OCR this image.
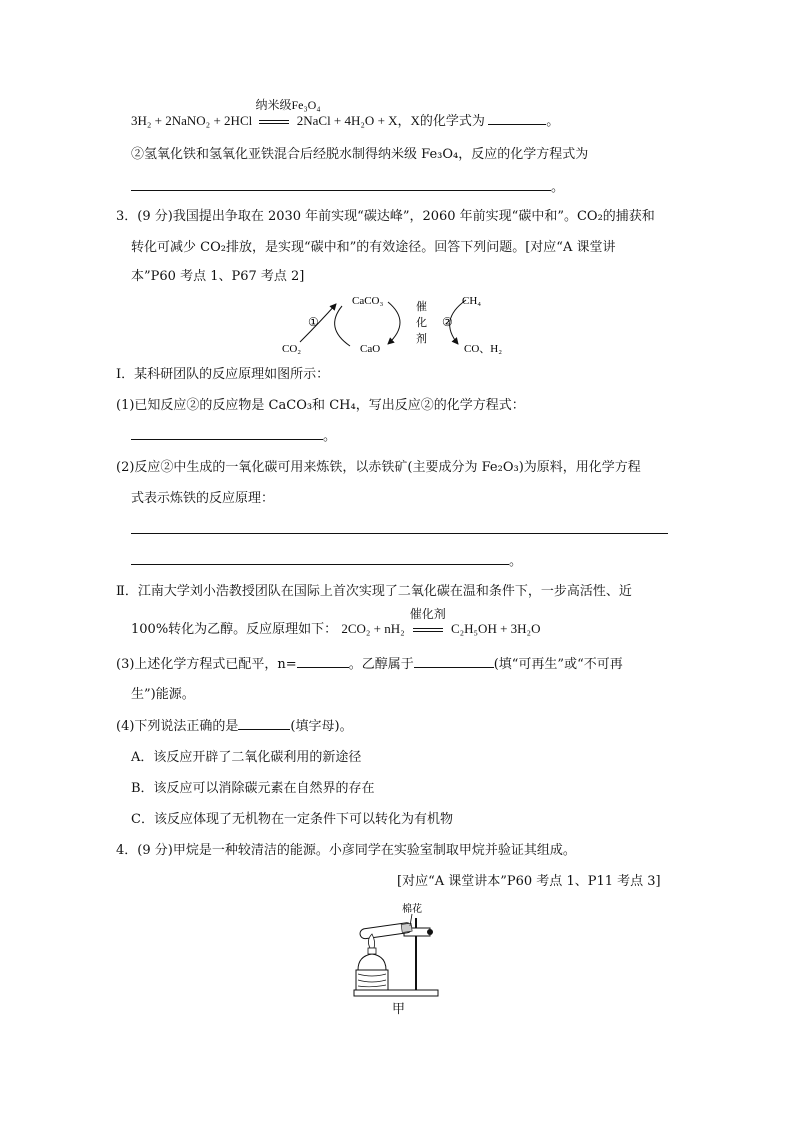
3H₂ + 2NaNO₂ + 2HCl
纳米级Fe₃O₄
2NaCl + 4H₂O + X，X的化学式为	。
②氢氧化铁和氢氧化亚铁混合后经脱水制得纳米级 Fe₃O₄，反应的化学方程式为
。
3．(9 分)我国提出争取在 2030 年前实现“碳达峰”，2060 年前实现“碳中和”。CO₂的捕获和
转化可减少 CO₂排放，是实现“碳中和”的有效途径。回答下列问题。[对应“A 课堂讲
本”P60 考点 1、P67 考点 2]
CaCO₃
CaO
CO₂
CH₄
CO、H₂
催
化
剂
①	②
Ⅰ．某科研团队的反应原理如图所示：
(1)已知反应②的反应物是 CaCO₃和 CH₄，写出反应②的化学方程式：
。
(2)反应②中生成的一氧化碳可用来炼铁，以赤铁矿(主要成分为 Fe₂O₃)为原料，用化学方程
式表示炼铁的反应原理：
。
Ⅱ．江南大学刘小浩教授团队在国际上首次实现了二氧化碳在温和条件下，一步高活性、近
100%转化为乙醇。反应原理如下： 2CO₂ + nH₂
催化剂
C₂H₅OH + 3H₂O
(3)上述化学方程式已配平，n=	。乙醇属于	(填“可再生”或“不可再
生”)能源。
(4)下列说法正确的是	(填字母)。
A．该反应开辟了二氧化碳利用的新途径
B．该反应可以消除碳元素在自然界的存在
C．该反应体现了无机物在一定条件下可以转化为有机物
4．(9 分)甲烷是一种较清洁的能源。小彦同学在实验室制取甲烷并验证其组成。
[对应“A 课堂讲本”P60 考点 1、P11 考点 3]
棉花
甲
